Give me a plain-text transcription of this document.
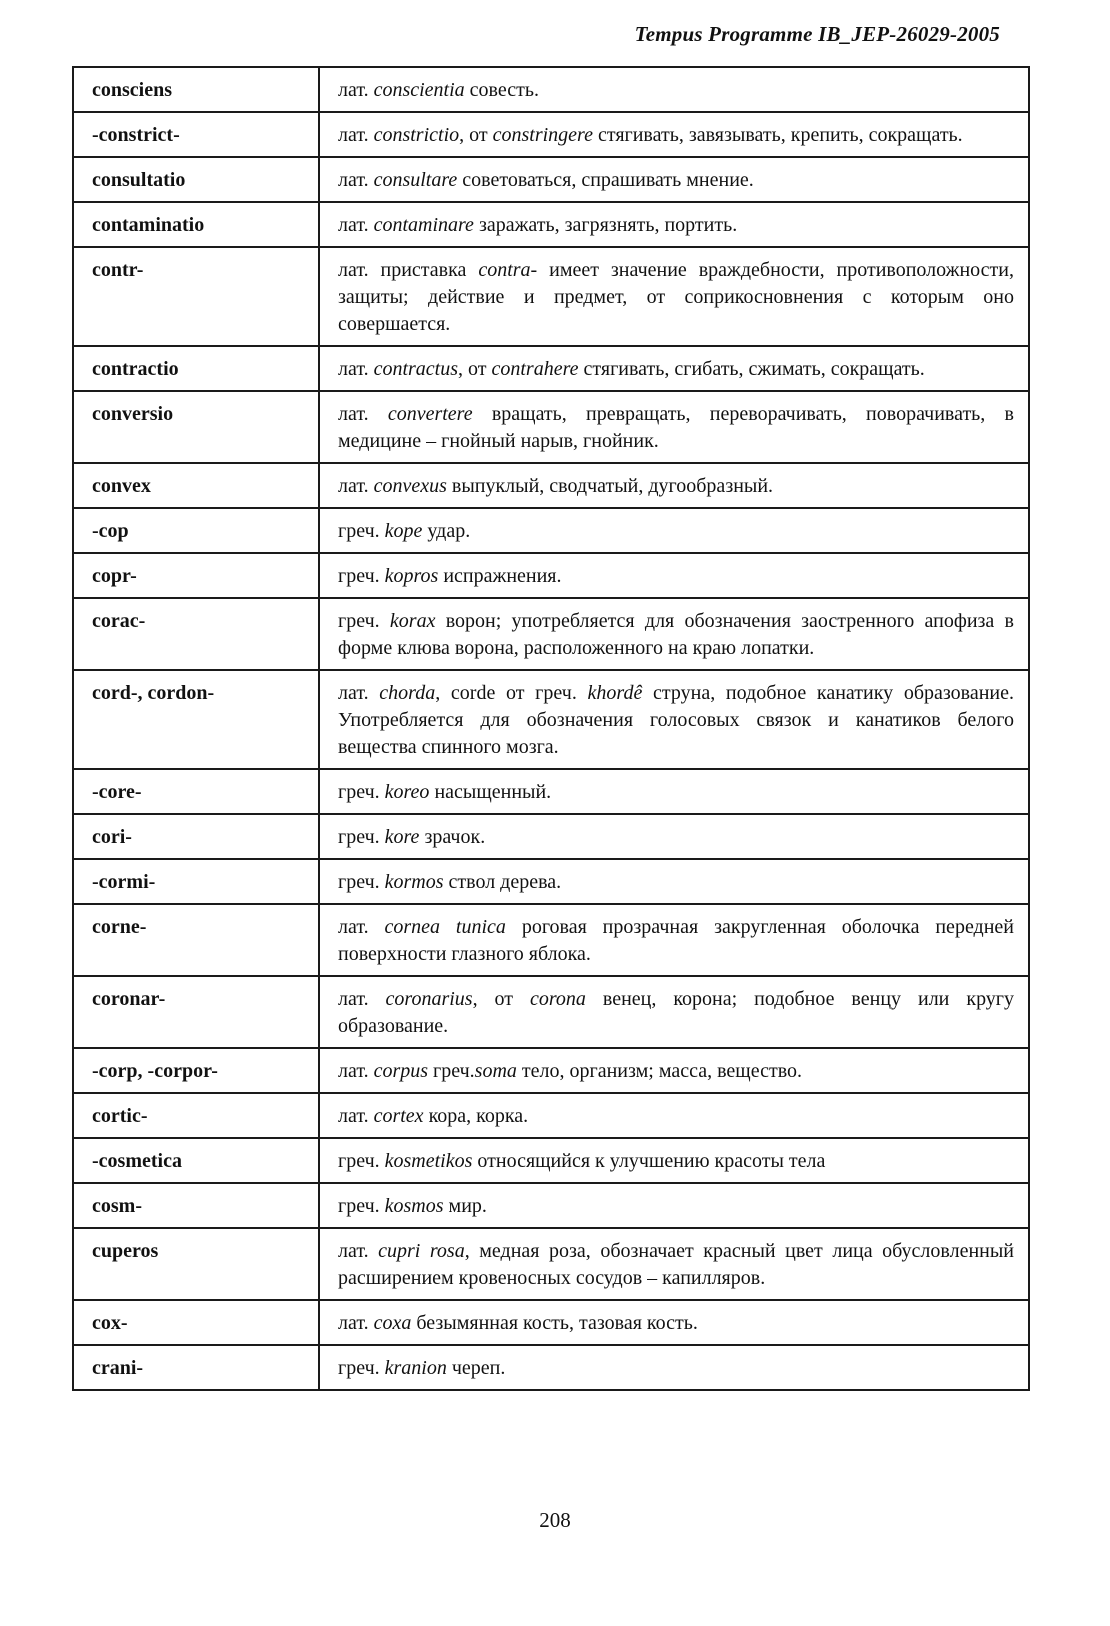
Tempus Programme IB_JEP-26029-2005
consciens	лат. conscientia совесть.
-constrict-	лат. constrictio, от constringere стягивать, завязывать, крепить, сокращать.
consultatio	лат. consultare советоваться, спрашивать мнение.
contaminatio	лат. contaminare заражать, загрязнять, портить.
contr-	лат. приставка contra- имеет значение враждебности, противоположности, защиты; действие и предмет, от соприкосновнения с которым оно совершается.
contractio	лат. contractus, от contrahere стягивать, сгибать, сжимать, сокращать.
conversio	лат. convertere вращать, превращать, переворачивать, поворачивать, в медицине – гнойный нарыв, гнойник.
convex	лат. convexus выпуклый, сводчатый, дугообразный.
-cop	греч. kope удар.
copr-	греч. kopros испражнения.
corac-	греч. korax ворон; употребляется для обозначения заостренного апофиза в форме клюва ворона, расположенного на краю лопатки.
cord-, cordon-	лат. chorda, corde от греч. khordê струна, подобное канатику образование. Употребляется для обозначения голосовых связок и канатиков белого вещества спинного мозга.
-core-	греч. koreo насыщенный.
cori-	греч. kore зрачок.
-cormi-	греч. kormos ствол дерева.
corne-	лат. cornea tunica роговая прозрачная закругленная оболочка передней поверхности глазного яблока.
coronar-	лат. coronarius, от corona венец, корона; подобное венцу или кругу образование.
-corp, -corpor-	лат. corpus греч.soma тело, организм; масса, вещество.
cortic-	лат. cortex кора, корка.
-cosmetica	греч. kosmetikos относящийся к улучшению красоты тела
cosm-	греч. kosmos мир.
cuperos	лат. cupri rosa, медная роза, обозначает красный цвет лица обусловленный расширением кровеносных сосудов – капилляров.
cox-	лат. coxa безымянная кость, тазовая кость.
crani-	греч. kranion череп.
208
